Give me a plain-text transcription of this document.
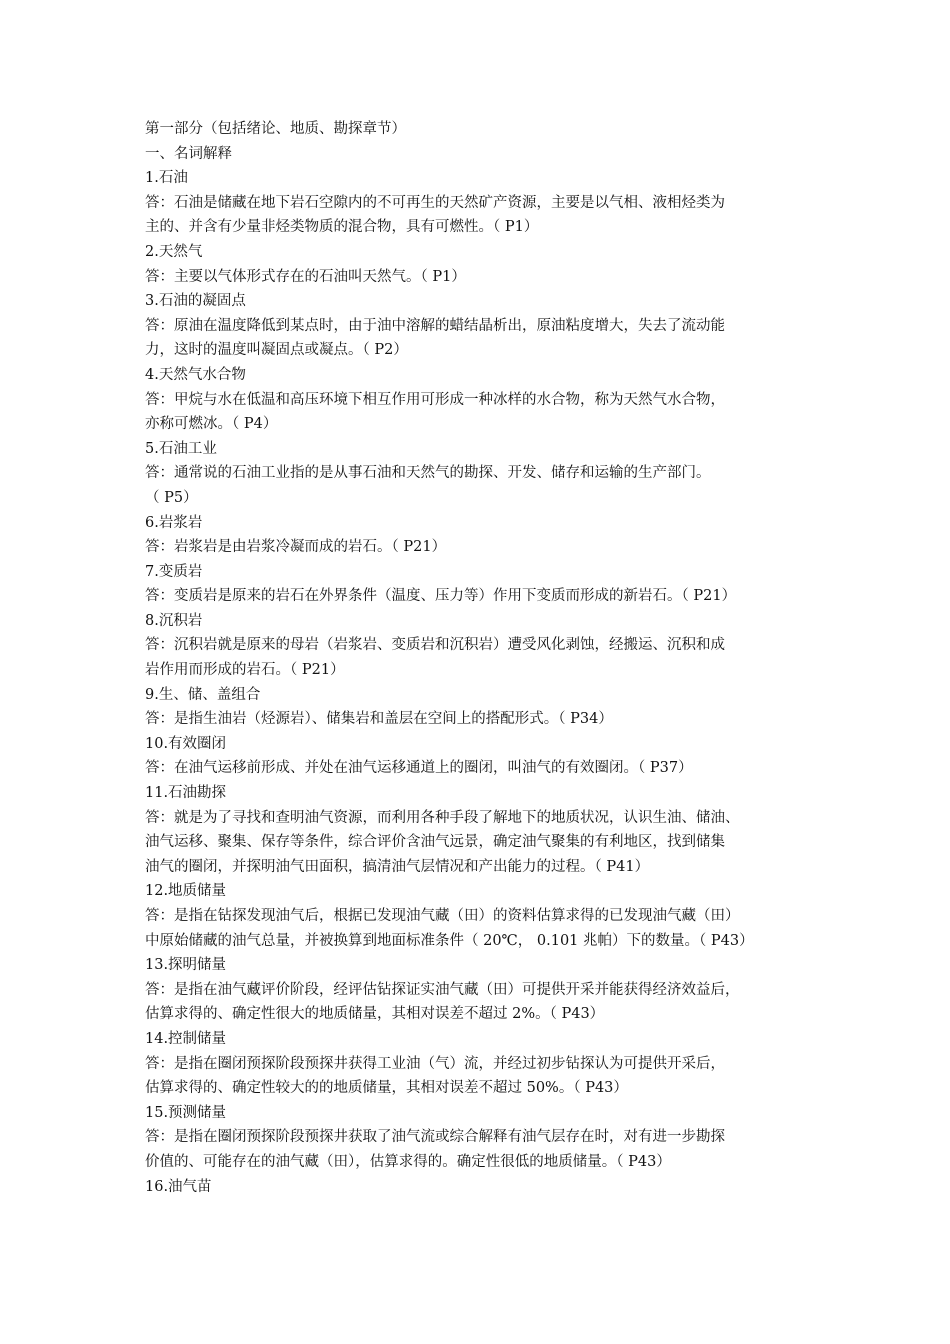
第一部分（包括绪论、地质、勘探章节）

一、名词解释

1.石油

答：石油是储藏在地下岩石空隙内的不可再生的天然矿产资源，主要是以气相、液相烃类为

主的、并含有少量非烃类物质的混合物，具有可燃性。（ P1）

2.天然气

答：主要以气体形式存在的石油叫天然气。（ P1）

3.石油的凝固点

答：原油在温度降低到某点时，由于油中溶解的蜡结晶析出，原油粘度增大，失去了流动能

力，这时的温度叫凝固点或凝点。（ P2）

4.天然气水合物

答：甲烷与水在低温和高压环境下相互作用可形成一种冰样的水合物，称为天然气水合物，

亦称可燃冰。（ P4）

5.石油工业

答：通常说的石油工业指的是从事石油和天然气的勘探、开发、储存和运输的生产部门。

（ P5）

6.岩浆岩

答：岩浆岩是由岩浆冷凝而成的岩石。（ P21）

7.变质岩

答：变质岩是原来的岩石在外界条件（温度、压力等）作用下变质而形成的新岩石。（ P21）

8.沉积岩

答：沉积岩就是原来的母岩（岩浆岩、变质岩和沉积岩）遭受风化剥蚀，经搬运、沉积和成

岩作用而形成的岩石。（ P21）

9.生、储、盖组合

答：是指生油岩（烃源岩）、储集岩和盖层在空间上的搭配形式。（ P34）

10.有效圈闭

答：在油气运移前形成、并处在油气运移通道上的圈闭，叫油气的有效圈闭。（ P37）

11.石油勘探

答：就是为了寻找和查明油气资源，而利用各种手段了解地下的地质状况，认识生油、储油、

油气运移、聚集、保存等条件，综合评价含油气远景，确定油气聚集的有利地区，找到储集

油气的圈闭，并探明油气田面积，搞清油气层情况和产出能力的过程。（ P41）

12.地质储量

答：是指在钻探发现油气后，根据已发现油气藏（田）的资料估算求得的已发现油气藏（田）

中原始储藏的油气总量，并被换算到地面标准条件（ 20℃， 0.101 兆帕）下的数量。（ P43）

13.探明储量

答：是指在油气藏评价阶段，经评估钻探证实油气藏（田）可提供开采并能获得经济效益后，

估算求得的、确定性很大的地质储量，其相对误差不超过 2%。（ P43）

14.控制储量

答：是指在圈闭预探阶段预探井获得工业油（气）流，并经过初步钻探认为可提供开采后，

估算求得的、确定性较大的的地质储量，其相对误差不超过 50%。（ P43）

15.预测储量

答：是指在圈闭预探阶段预探井获取了油气流或综合解释有油气层存在时，对有进一步勘探

价值的、可能存在的油气藏（田），估算求得的。确定性很低的地质储量。（ P43）

16.油气苗
